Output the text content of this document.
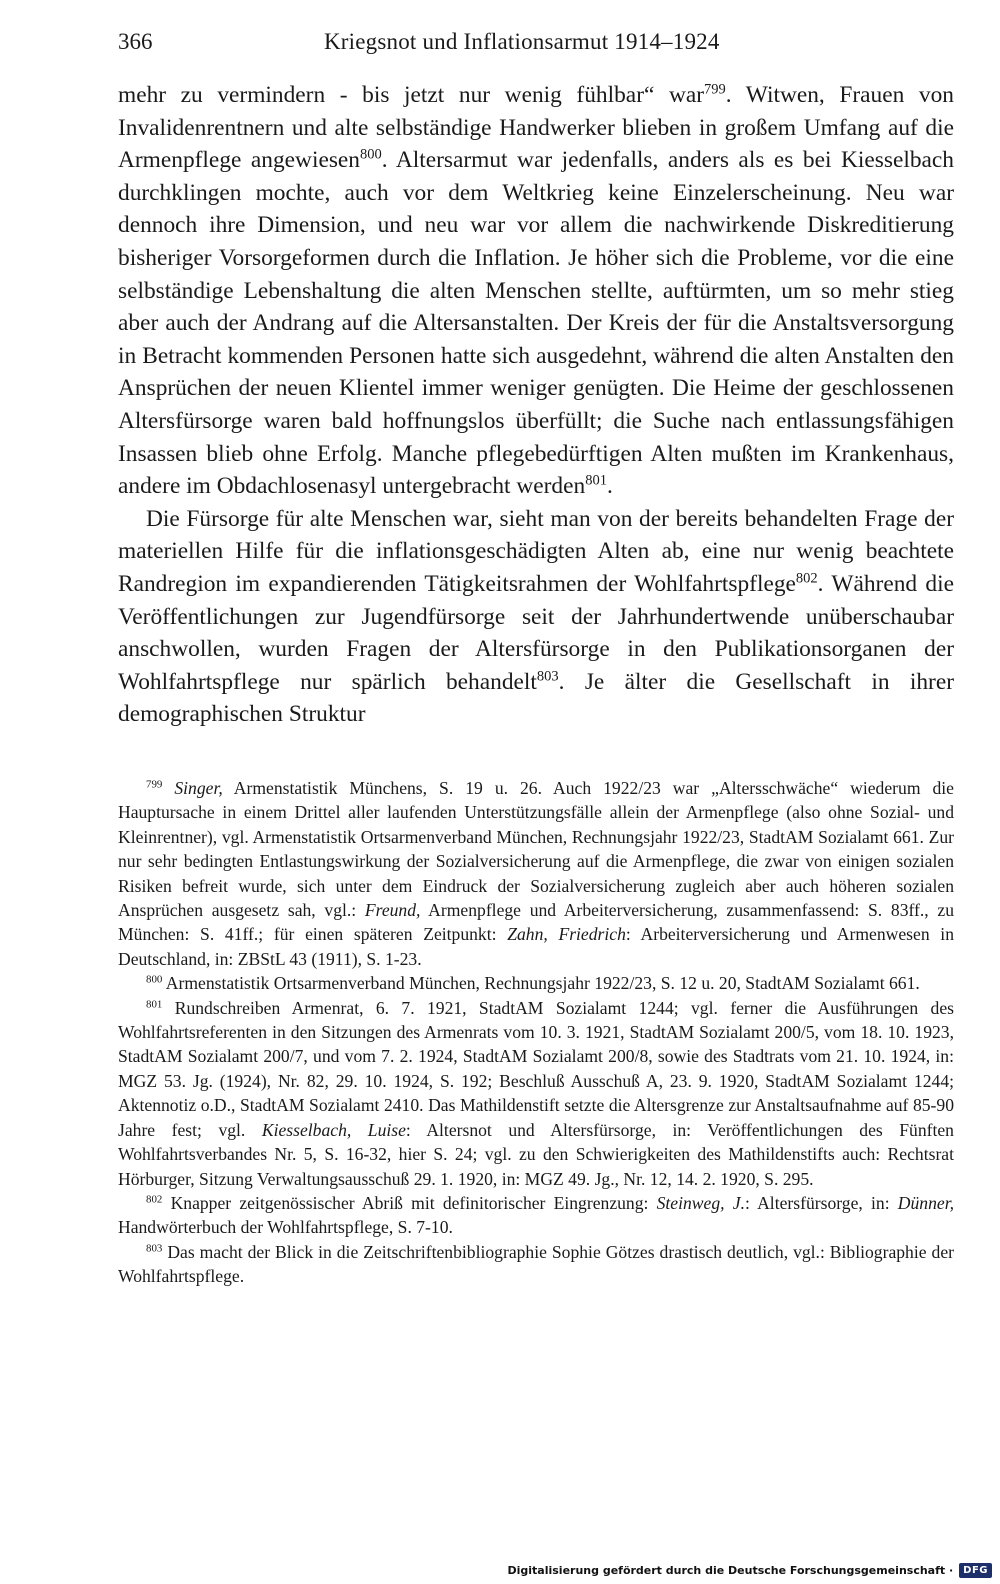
366	Kriegsnot und Inflationsarmut 1914–1924

mehr zu vermindern - bis jetzt nur wenig fühlbar“ war$^{799}$. Witwen, Frauen von Invalidenrentnern und alte selbständige Handwerker blieben in großem Umfang auf die Armenpflege angewiesen$^{800}$. Altersarmut war jedenfalls, anders als es bei Kiesselbach durchklingen mochte, auch vor dem Weltkrieg keine Einzelerscheinung. Neu war dennoch ihre Dimension, und neu war vor allem die nachwirkende Diskreditierung bisheriger Vorsorgeformen durch die Inflation. Je höher sich die Probleme, vor die eine selbständige Lebenshaltung die alten Menschen stellte, auftürmten, um so mehr stieg aber auch der Andrang auf die Altersanstalten. Der Kreis der für die Anstaltsversorgung in Betracht kommenden Personen hatte sich ausgedehnt, während die alten Anstalten den Ansprüchen der neuen Klientel immer weniger genügten. Die Heime der geschlossenen Altersfürsorge waren bald hoffnungslos überfüllt; die Suche nach entlassungsfähigen Insassen blieb ohne Erfolg. Manche pflegebedürftigen Alten mußten im Krankenhaus, andere im Obdachlosenasyl untergebracht werden$^{801}$.

Die Fürsorge für alte Menschen war, sieht man von der bereits behandelten Frage der materiellen Hilfe für die inflationsgeschädigten Alten ab, eine nur wenig beachtete Randregion im expandierenden Tätigkeitsrahmen der Wohlfahrtspflege$^{802}$. Während die Veröffentlichungen zur Jugendfürsorge seit der Jahrhundertwende unüberschaubar anschwollen, wurden Fragen der Altersfürsorge in den Publikationsorganen der Wohlfahrtspflege nur spärlich behandelt$^{803}$. Je älter die Gesellschaft in ihrer demographischen Struktur

$^{799}$ Singer, Armenstatistik Münchens, S. 19 u. 26. Auch 1922/23 war „Altersschwäche“ wiederum die Hauptursache in einem Drittel aller laufenden Unterstützungsfälle allein der Armenpflege (also ohne Sozial- und Kleinrentner), vgl. Armenstatistik Ortsarmenverband München, Rechnungsjahr 1922/23, StadtAM Sozialamt 661. Zur nur sehr bedingten Entlastungswirkung der Sozialversicherung auf die Armenpflege, die zwar von einigen sozialen Risiken befreit wurde, sich unter dem Eindruck der Sozialversicherung zugleich aber auch höheren sozialen Ansprüchen ausgesetz sah, vgl.: Freund, Armenpflege und Arbeiterversicherung, zusammenfassend: S. 83ff., zu München: S. 41ff.; für einen späteren Zeitpunkt: Zahn, Friedrich: Arbeiterversicherung und Armenwesen in Deutschland, in: ZBStL 43 (1911), S. 1-23.

$^{800}$ Armenstatistik Ortsarmenverband München, Rechnungsjahr 1922/23, S. 12 u. 20, StadtAM Sozialamt 661.

$^{801}$ Rundschreiben Armenrat, 6. 7. 1921, StadtAM Sozialamt 1244; vgl. ferner die Ausführungen des Wohlfahrtsreferenten in den Sitzungen des Armenrats vom 10. 3. 1921, StadtAM Sozialamt 200/5, vom 18. 10. 1923, StadtAM Sozialamt 200/7, und vom 7. 2. 1924, StadtAM Sozialamt 200/8, sowie des Stadtrats vom 21. 10. 1924, in: MGZ 53. Jg. (1924), Nr. 82, 29. 10. 1924, S. 192; Beschluß Ausschuß A, 23. 9. 1920, StadtAM Sozialamt 1244; Aktennotiz o.D., StadtAM Sozialamt 2410. Das Mathildenstift setzte die Altersgrenze zur Anstaltsaufnahme auf 85-90 Jahre fest; vgl. Kiesselbach, Luise: Altersnot und Altersfürsorge, in: Veröffentlichungen des Fünften Wohlfahrtsverbandes Nr. 5, S. 16-32, hier S. 24; vgl. zu den Schwierigkeiten des Mathildenstifts auch: Rechtsrat Hörburger, Sitzung Verwaltungsausschuß 29. 1. 1920, in: MGZ 49. Jg., Nr. 12, 14. 2. 1920, S. 295.

$^{802}$ Knapper zeitgenössischer Abriß mit definitorischer Eingrenzung: Steinweg, J.: Altersfürsorge, in: Dünner, Handwörterbuch der Wohlfahrtspflege, S. 7-10.

$^{803}$ Das macht der Blick in die Zeitschriftenbibliographie Sophie Götzes drastisch deutlich, vgl.: Bibliographie der Wohlfahrtspflege.

Digitalisierung gefördert durch die Deutsche Forschungsgemeinschaft ·	DFG
